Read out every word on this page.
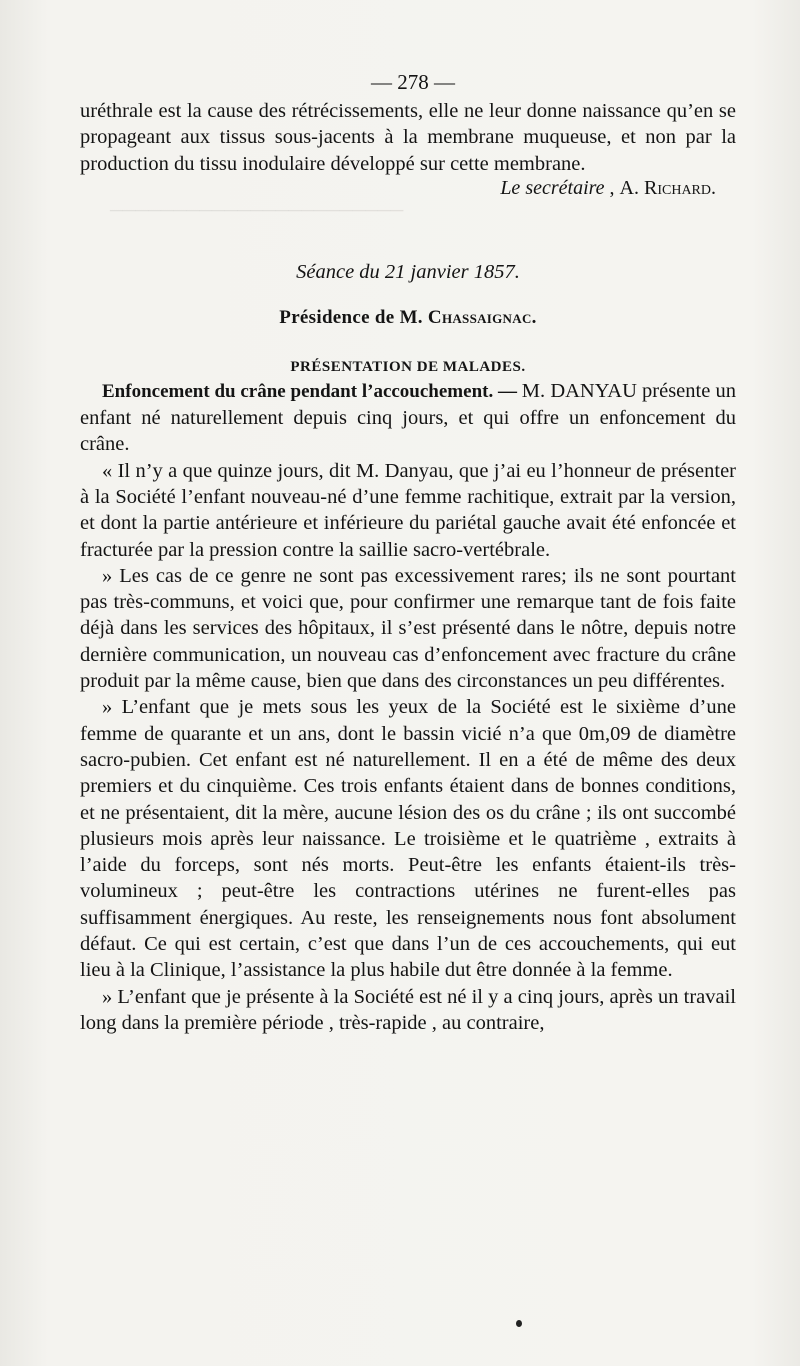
───────────────────────
— 278 —

uréthrale est la cause des rétrécissements, elle ne leur donne naissance qu’en se propageant aux tissus sous-jacents à la membrane muqueuse, et non par la production du tissu inodulaire développé sur cette membrane.

Le secrétaire , A. Richard.
Séance du 21 janvier 1857.
Présidence de M. Chassaignac.
PRÉSENTATION DE MALADES.

Enfoncement du crâne pendant l’accouchement. — M. DANYAU présente un enfant né naturellement depuis cinq jours, et qui offre un enfoncement du crâne.

« Il n’y a que quinze jours, dit M. Danyau, que j’ai eu l’honneur de présenter à la Société l’enfant nouveau-né d’une femme rachitique, extrait par la version, et dont la partie antérieure et inférieure du pariétal gauche avait été enfoncée et fracturée par la pression contre la saillie sacro-vertébrale.

» Les cas de ce genre ne sont pas excessivement rares; ils ne sont pourtant pas très-communs, et voici que, pour confirmer une remarque tant de fois faite déjà dans les services des hôpitaux, il s’est présenté dans le nôtre, depuis notre dernière communication, un nouveau cas d’enfoncement avec fracture du crâne produit par la même cause, bien que dans des circonstances un peu différentes.

» L’enfant que je mets sous les yeux de la Société est le sixième d’une femme de quarante et un ans, dont le bassin vicié n’a que 0m,09 de diamètre sacro-pubien. Cet enfant est né naturellement. Il en a été de même des deux premiers et du cinquième. Ces trois enfants étaient dans de bonnes conditions, et ne présentaient, dit la mère, aucune lésion des os du crâne ; ils ont succombé plusieurs mois après leur naissance. Le troisième et le quatrième , extraits à l’aide du forceps, sont nés morts. Peut-être les enfants étaient-ils très-volumineux ; peut-être les contractions utérines ne furent-elles pas suffisamment énergiques. Au reste, les renseignements nous font absolument défaut. Ce qui est certain, c’est que dans l’un de ces accouchements, qui eut lieu à la Clinique, l’assistance la plus habile dut être donnée à la femme.

» L’enfant que je présente à la Société est né il y a cinq jours, après un travail long dans la première période , très-rapide , au contraire,
